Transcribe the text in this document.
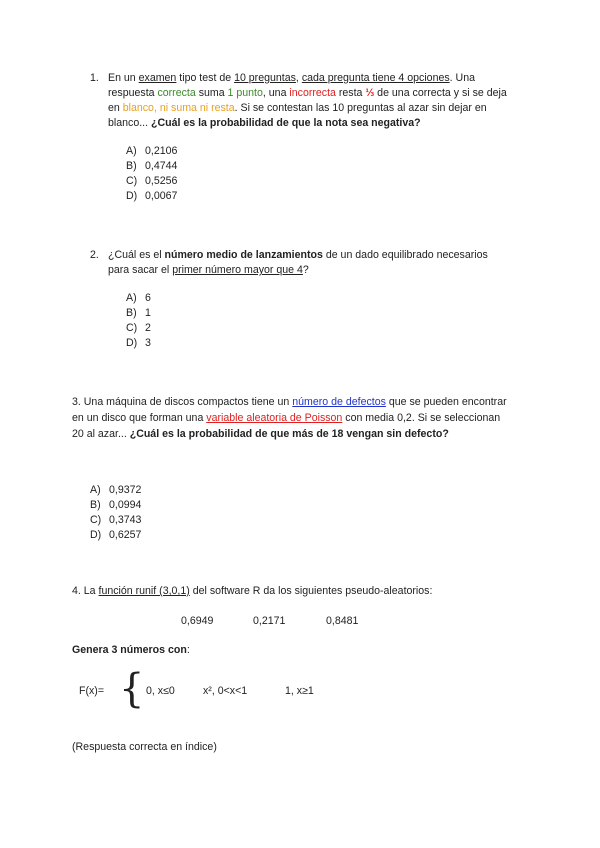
1. En un examen tipo test de 10 preguntas, cada pregunta tiene 4 opciones. Una respuesta correcta suma 1 punto, una incorrecta resta ⅓ de una correcta y si se deja en blanco, ni suma ni resta. Si se contestan las 10 preguntas al azar sin dejar en blanco... ¿Cuál es la probabilidad de que la nota sea negativa?
A) 0,2106
B) 0,4744
C) 0,5256
D) 0,0067
2. ¿Cuál es el número medio de lanzamientos de un dado equilibrado necesarios para sacar el primer número mayor que 4?
A) 6
B) 1
C) 2
D) 3
3. Una máquina de discos compactos tiene un número de defectos que se pueden encontrar en un disco que forman una variable aleatoria de Poisson con media 0,2. Si se seleccionan 20 al azar... ¿Cuál es la probabilidad de que más de 18 vengan sin defecto?
A) 0,9372
B) 0,0994
C) 0,3743
D) 0,6257
4. La función runif (3,0,1) del software R da los siguientes pseudo-aleatorios:
0,6949	0,2171	0,8481
Genera 3 números con:
F(x)= { 0, x≤0	x², 0<x<1	1, x≥1
(Respuesta correcta en índice)
